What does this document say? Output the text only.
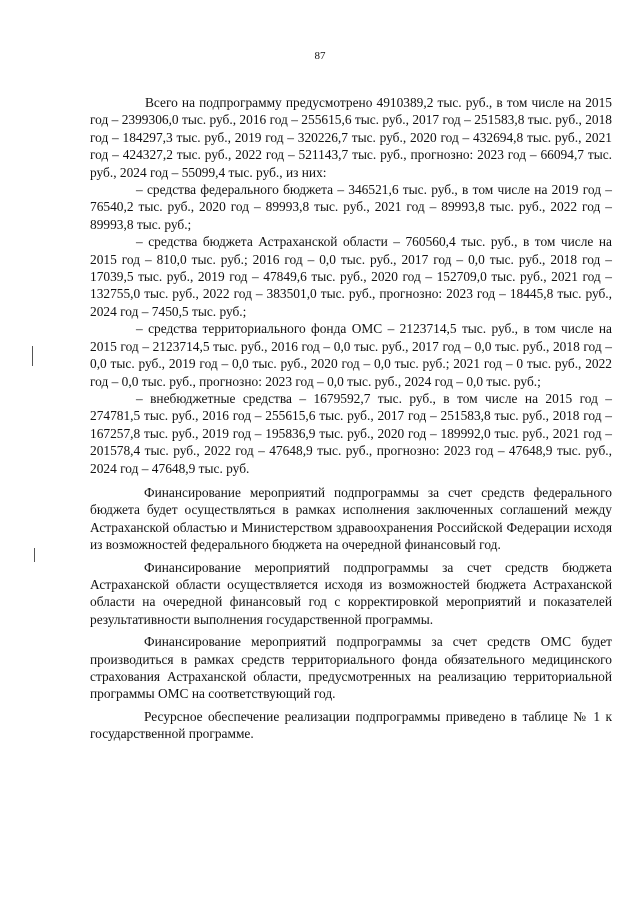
87

Всего на подпрограмму предусмотрено 4910389,2 тыс. руб., в том числе на 2015 год – 2399306,0 тыс. руб., 2016 год – 255615,6 тыс. руб., 2017 год – 251583,8 тыс. руб., 2018 год – 184297,3 тыс. руб., 2019 год – 320226,7 тыс. руб., 2020 год – 432694,8 тыс. руб., 2021 год – 424327,2 тыс. руб., 2022 год – 521143,7 тыс. руб., прогнозно: 2023 год – 66094,7 тыс. руб., 2024 год – 55099,4 тыс. руб., из них:

– средства федерального бюджета – 346521,6 тыс. руб., в том числе на 2019 год – 76540,2 тыс. руб., 2020 год – 89993,8 тыс. руб., 2021 год – 89993,8 тыс. руб., 2022 год – 89993,8 тыс. руб.;

– средства бюджета Астраханской области – 760560,4 тыс. руб., в том числе на 2015 год – 810,0 тыс. руб.; 2016 год – 0,0 тыс. руб., 2017 год – 0,0 тыс. руб., 2018 год – 17039,5 тыс. руб., 2019 год – 47849,6 тыс. руб., 2020 год – 152709,0 тыс. руб., 2021 год – 132755,0 тыс. руб., 2022 год – 383501,0 тыс. руб., прогнозно: 2023 год – 18445,8 тыс. руб., 2024 год – 7450,5 тыс. руб.;

– средства территориального фонда ОМС – 2123714,5 тыс. руб., в том числе на 2015 год – 2123714,5 тыс. руб., 2016 год – 0,0 тыс. руб., 2017 год – 0,0 тыс. руб., 2018 год – 0,0 тыс. руб., 2019 год – 0,0 тыс. руб., 2020 год – 0,0 тыс. руб.; 2021 год – 0 тыс. руб., 2022 год – 0,0 тыс. руб., прогнозно: 2023 год – 0,0 тыс. руб., 2024 год – 0,0 тыс. руб.;

– внебюджетные средства – 1679592,7 тыс. руб., в том числе на 2015 год – 274781,5 тыс. руб., 2016 год – 255615,6 тыс. руб., 2017 год – 251583,8 тыс. руб., 2018 год – 167257,8 тыс. руб., 2019 год – 195836,9 тыс. руб., 2020 год – 189992,0 тыс. руб., 2021 год – 201578,4 тыс. руб., 2022 год – 47648,9 тыс. руб., прогнозно: 2023 год – 47648,9 тыс. руб., 2024 год – 47648,9 тыс. руб.

Финансирование мероприятий подпрограммы за счет средств федерального бюджета будет осуществляться в рамках исполнения заключенных соглашений между Астраханской областью и Министерством здравоохранения Российской Федерации исходя из возможностей федерального бюджета на очередной финансовый год.

Финансирование мероприятий подпрограммы за счет средств бюджета Астраханской области осуществляется исходя из возможностей бюджета Астраханской области на очередной финансовый год с корректировкой мероприятий и показателей результативности выполнения государственной программы.

Финансирование мероприятий подпрограммы за счет средств ОМС будет производиться в рамках средств территориального фонда обязательного медицинского страхования Астраханской области, предусмотренных на реализацию территориальной программы ОМС на соответствующий год.

Ресурсное обеспечение реализации подпрограммы приведено в таблице № 1 к государственной программе.
